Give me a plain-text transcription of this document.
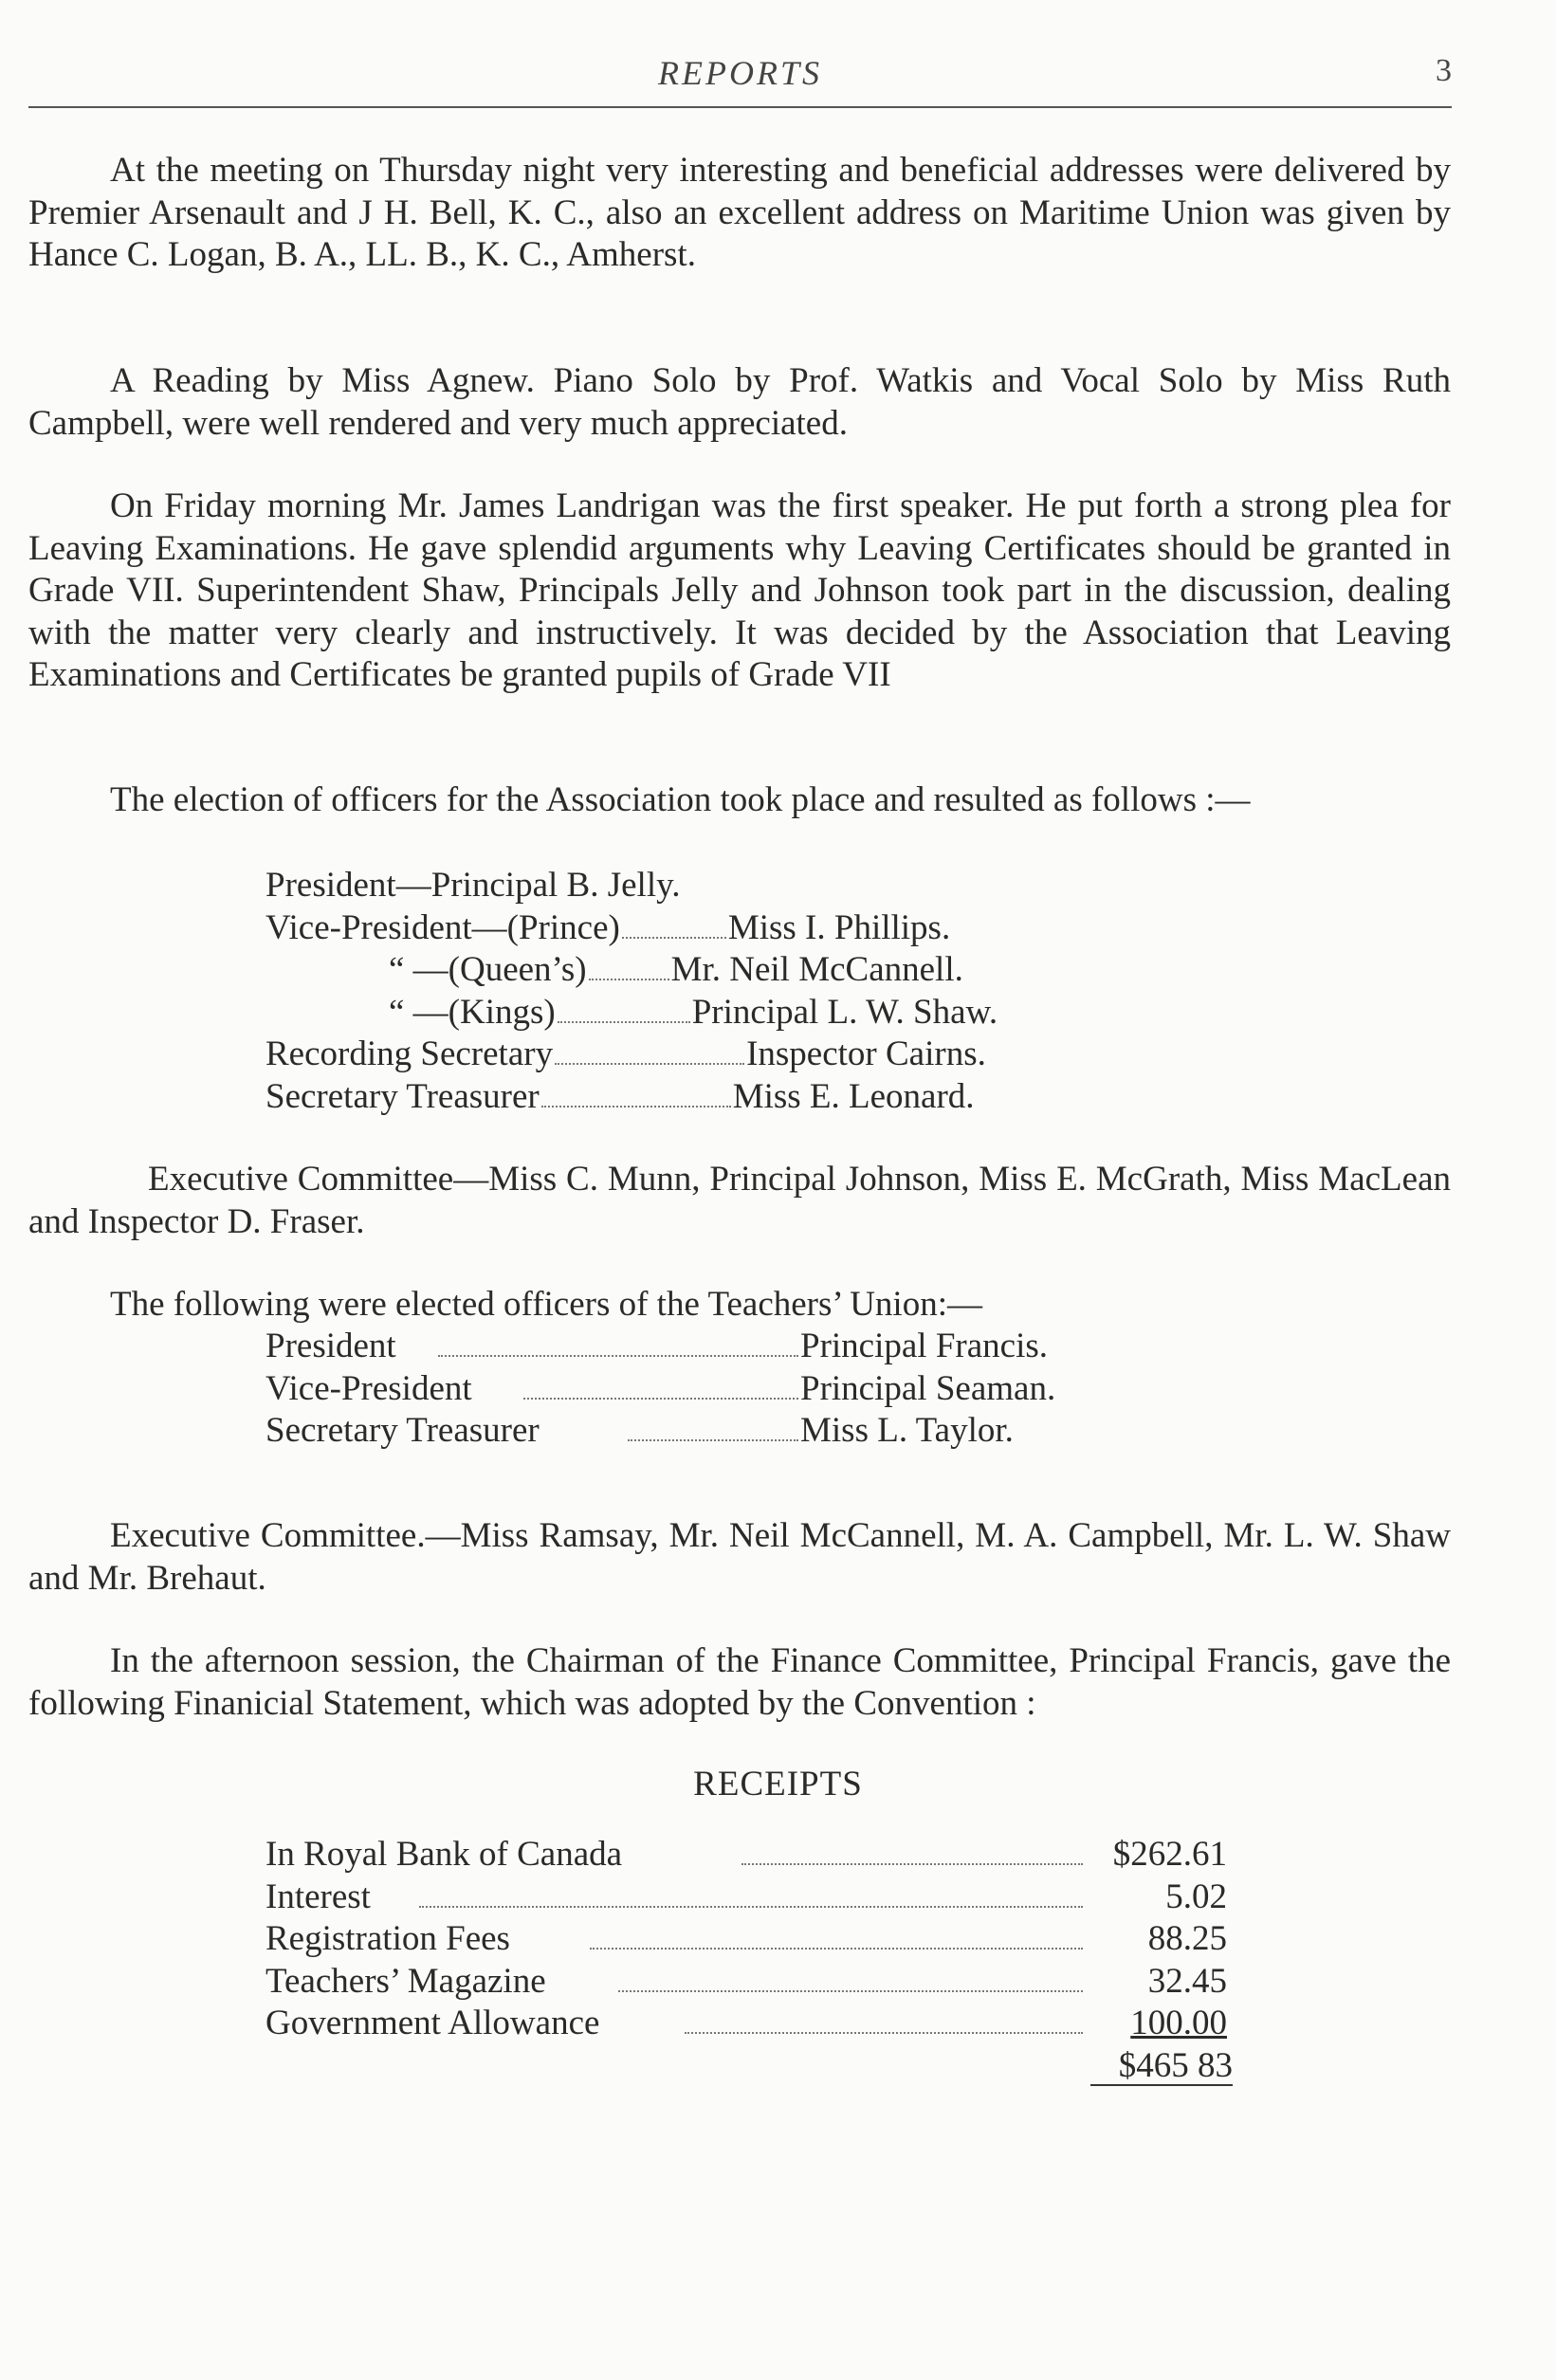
REPORTS	3

At the meeting on Thursday night very interesting and beneficial addresses were delivered by Premier Arsenault and J H. Bell, K. C., also an excellent address on Maritime Union was given by Hance C. Logan, B. A., LL. B., K. C., Amherst.

A Reading by Miss Agnew. Piano Solo by Prof. Watkis and Vocal Solo by Miss Ruth Campbell, were well rendered and very much appreciated.

On Friday morning Mr. James Landrigan was the first speaker. He put forth a strong plea for Leaving Examinations. He gave splendid arguments why Leaving Certificates should be granted in Grade VII. Superintendent Shaw, Principals Jelly and Johnson took part in the discussion, dealing with the matter very clearly and instructively. It was decided by the Association that Leaving Examinations and Certificates be granted pupils of Grade VII

The election of officers for the Association took place and resulted as follows :—

President—Principal B. Jelly.
Vice-President—(Prince)	Miss I. Phillips.
“ —(Queen’s) Mr. Neil McCannell.
“ —(Kings)	Principal L. W. Shaw.
Recording Secretary	Inspector Cairns.
Secretary Treasurer	Miss E. Leonard.

Executive Committee—Miss C. Munn, Principal Johnson, Miss E. McGrath, Miss MacLean and Inspector D. Fraser.

The following were elected officers of the Teachers’ Union:—

President	Principal Francis.
Vice-President	Principal Seaman.
Secretary Treasurer	Miss L. Taylor.

Executive Committee.—Miss Ramsay, Mr. Neil McCannell, M. A. Campbell, Mr. L. W. Shaw and Mr. Brehaut.

In the afternoon session, the Chairman of the Finance Committee, Principal Francis, gave the following Finanicial Statement, which was adopted by the Convention :

RECEIPTS
In Royal Bank of Canada	$262.61
Interest	5.02
Registration Fees	88.25
Teachers’ Magazine	32.45
Government Allowance	100.00
$465 83
